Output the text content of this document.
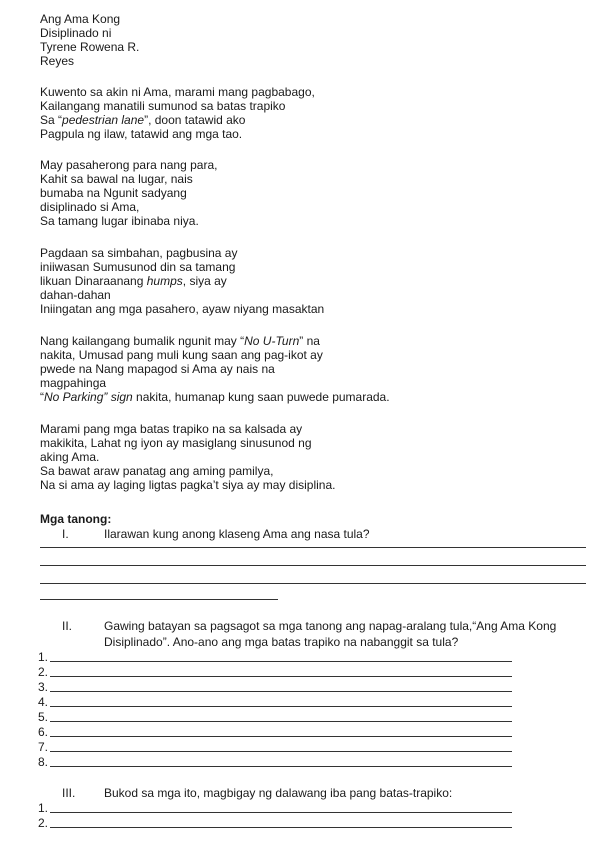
Ang Ama Kong
Disiplinado ni
Tyrene Rowena R.
Reyes
Kuwento sa akin ni Ama, marami mang pagbabago,
Kailangang manatili sumunod sa batas trapiko
Sa “pedestrian lane”, doon tatawid ako
Pagpula ng ilaw, tatawid ang mga tao.
May pasaherong para nang para,
Kahit sa bawal na lugar, nais
bumaba na Ngunit sadyang
disiplinado si Ama,
Sa tamang lugar ibinaba niya.
Pagdaan sa simbahan, pagbusina ay
iniiwasan Sumusunod din sa tamang
likuan Dinaraanang humps, siya ay
dahan-dahan
Iniingatan ang mga pasahero, ayaw niyang masaktan
Nang kailangang bumalik ngunit may “No U-Turn” na
nakita, Umusad pang muli kung saan ang pag-ikot ay
pwede na Nang mapagod si Ama ay nais na
magpahinga
“No Parking” sign nakita, humanap kung saan puwede pumarada.
Marami pang mga batas trapiko na sa kalsada ay
makikita, Lahat ng iyon ay masiglang sinusunod ng
aking Ama.
Sa bawat araw panatag ang aming pamilya,
Na si ama ay laging ligtas pagka’t siya ay may disiplina.
Mga tanong:
I.	Ilarawan kung anong klaseng Ama ang nasa tula?
II.	Gawing batayan sa pagsagot sa mga tanong ang napag-aralang tula,“Ang Ama Kong
Disiplinado”. Ano-ano ang mga batas trapiko na nabanggit sa tula?
1.
2.
3.
4.
5.
6.
7.
8.
III. Bukod sa mga ito, magbigay ng dalawang iba pang batas-trapiko:
1.
2.
